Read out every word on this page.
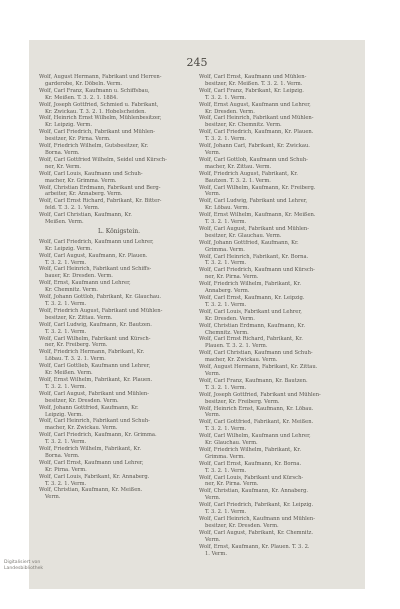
245
Wolf, August Hermann, Fabrikant und Herren-
garderobe, Kr. Döbeln. Verm.
Wolf, Carl Franz, Kaufmann u. Schiffsbau,
Kr. Meißen. T. 3. 2. 1. 1884.
Wolf, Joseph Gottfried, Schmied u. Fabrikant,
Kr. Zwickau. T. 3. 2. 1. Hobelscheiden.
Wolf, Heinrich Ernst Wilhelm, Mühlenbesitzer,
Kr. Leipzig. Verm.
Wolf, Carl Friedrich, Fabrikant und Mühlen-
besitzer, Kr. Pirna. Verm.
Wolf, Friedrich Wilhelm, Gutsbesitzer, Kr.
Borna. Verm.
Wolf, Carl Gottfried Wilhelm, Seidel und Kürsch-
ner, Kr. Verm.
Wolf, Carl Louis, Kaufmann und Schuh-
macher, Kr. Grimma. Verm.
Wolf, Christian Erdmann, Fabrikant und Berg-
arbeiter, Kr. Annaberg. Verm.
Wolf, Carl Ernst Richard, Fabrikant, Kr. Bitter-
feld. T. 3. 2. 1. Verm.
Wolf, Carl Christian, Kaufmann, Kr.
Meißen. Verm.
L. Königstein.
Wolf, Carl Friedrich, Kaufmann und Lehrer,
Kr. Leipzig. Verm.
Wolf, Carl August, Kaufmann, Kr. Plauen.
T. 3. 2. 1. Verm.
Wolf, Carl Heinrich, Fabrikant und Schiffs-
bauer, Kr. Dresden. Verm.
Wolf, Ernst, Kaufmann und Lehrer,
Kr. Chemnitz. Verm.
Wolf, Johann Gottlob, Fabrikant, Kr. Glauchau.
T. 3. 2. 1. Verm.
Wolf, Friedrich August, Fabrikant und Mühlen-
besitzer, Kr. Zittau. Verm.
Wolf, Carl Ludwig, Kaufmann, Kr. Bautzen.
T. 3. 2. 1. Verm.
Wolf, Carl Wilhelm, Fabrikant und Kürsch-
ner, Kr. Freiberg. Verm.
Wolf, Friedrich Hermann, Fabrikant, Kr.
Löbau. T. 3. 2. 1. Verm.
Wolf, Carl Gottlieb, Kaufmann und Lehrer,
Kr. Meißen. Verm.
Wolf, Ernst Wilhelm, Fabrikant, Kr. Plauen.
T. 3. 2. 1. Verm.
Wolf, Carl August, Fabrikant und Mühlen-
besitzer, Kr. Dresden. Verm.
Wolf, Johann Gottfried, Kaufmann, Kr.
Leipzig. Verm.
Wolf, Carl Heinrich, Fabrikant und Schuh-
macher, Kr. Zwickau. Verm.
Wolf, Carl Friedrich, Kaufmann, Kr. Grimma.
T. 3. 2. 1. Verm.
Wolf, Friedrich Wilhelm, Fabrikant, Kr.
Borna. Verm.
Wolf, Carl Ernst, Kaufmann und Lehrer,
Kr. Pirna. Verm.
Wolf, Carl Louis, Fabrikant, Kr. Annaberg.
T. 3. 2. 1. Verm.
Wolf, Christian, Kaufmann, Kr. Meißen.
Verm.
Wolf, Carl Ernst, Kaufmann und Mühlen-
besitzer, Kr. Meißen. T. 3. 2. 1. Verm.
Wolf, Carl Franz, Fabrikant, Kr. Leipzig.
T. 3. 2. 1. Verm.
Wolf, Ernst August, Kaufmann und Lehrer,
Kr. Dresden. Verm.
Wolf, Carl Heinrich, Fabrikant und Mühlen-
besitzer, Kr. Chemnitz. Verm.
Wolf, Carl Friedrich, Kaufmann, Kr. Plauen.
T. 3. 2. 1. Verm.
Wolf, Johann Carl, Fabrikant, Kr. Zwickau.
Verm.
Wolf, Carl Gottlob, Kaufmann und Schuh-
macher, Kr. Zittau. Verm.
Wolf, Friedrich August, Fabrikant, Kr.
Bautzen. T. 3. 2. 1. Verm.
Wolf, Carl Wilhelm, Kaufmann, Kr. Freiberg.
Verm.
Wolf, Carl Ludwig, Fabrikant und Lehrer,
Kr. Löbau. Verm.
Wolf, Ernst Wilhelm, Kaufmann, Kr. Meißen.
T. 3. 2. 1. Verm.
Wolf, Carl August, Fabrikant und Mühlen-
besitzer, Kr. Glauchau. Verm.
Wolf, Johann Gottfried, Kaufmann, Kr.
Grimma. Verm.
Wolf, Carl Heinrich, Fabrikant, Kr. Borna.
T. 3. 2. 1. Verm.
Wolf, Carl Friedrich, Kaufmann und Kürsch-
ner, Kr. Pirna. Verm.
Wolf, Friedrich Wilhelm, Fabrikant, Kr.
Annaberg. Verm.
Wolf, Carl Ernst, Kaufmann, Kr. Leipzig.
T. 3. 2. 1. Verm.
Wolf, Carl Louis, Fabrikant und Lehrer,
Kr. Dresden. Verm.
Wolf, Christian Erdmann, Kaufmann, Kr.
Chemnitz. Verm.
Wolf, Carl Ernst Richard, Fabrikant, Kr.
Plauen. T. 3. 2. 1. Verm.
Wolf, Carl Christian, Kaufmann und Schuh-
macher, Kr. Zwickau. Verm.
Wolf, August Hermann, Fabrikant, Kr. Zittau.
Verm.
Wolf, Carl Franz, Kaufmann, Kr. Bautzen.
T. 3. 2. 1. Verm.
Wolf, Joseph Gottfried, Fabrikant und Mühlen-
besitzer, Kr. Freiberg. Verm.
Wolf, Heinrich Ernst, Kaufmann, Kr. Löbau.
Verm.
Wolf, Carl Gottfried, Fabrikant, Kr. Meißen.
T. 3. 2. 1. Verm.
Wolf, Carl Wilhelm, Kaufmann und Lehrer,
Kr. Glauchau. Verm.
Wolf, Friedrich Wilhelm, Fabrikant, Kr.
Grimma. Verm.
Wolf, Carl Ernst, Kaufmann, Kr. Borna.
T. 3. 2. 1. Verm.
Wolf, Carl Louis, Fabrikant und Kürsch-
ner, Kr. Pirna. Verm.
Wolf, Christian, Kaufmann, Kr. Annaberg.
Verm.
Wolf, Carl Friedrich, Fabrikant, Kr. Leipzig.
T. 3. 2. 1. Verm.
Wolf, Carl Heinrich, Kaufmann und Mühlen-
besitzer, Kr. Dresden. Verm.
Wolf, Carl August, Fabrikant, Kr. Chemnitz.
Verm.
Wolf, Ernst, Kaufmann, Kr. Plauen. T. 3. 2.
1. Verm.
Digitalisiert von
Landesbibliothek
